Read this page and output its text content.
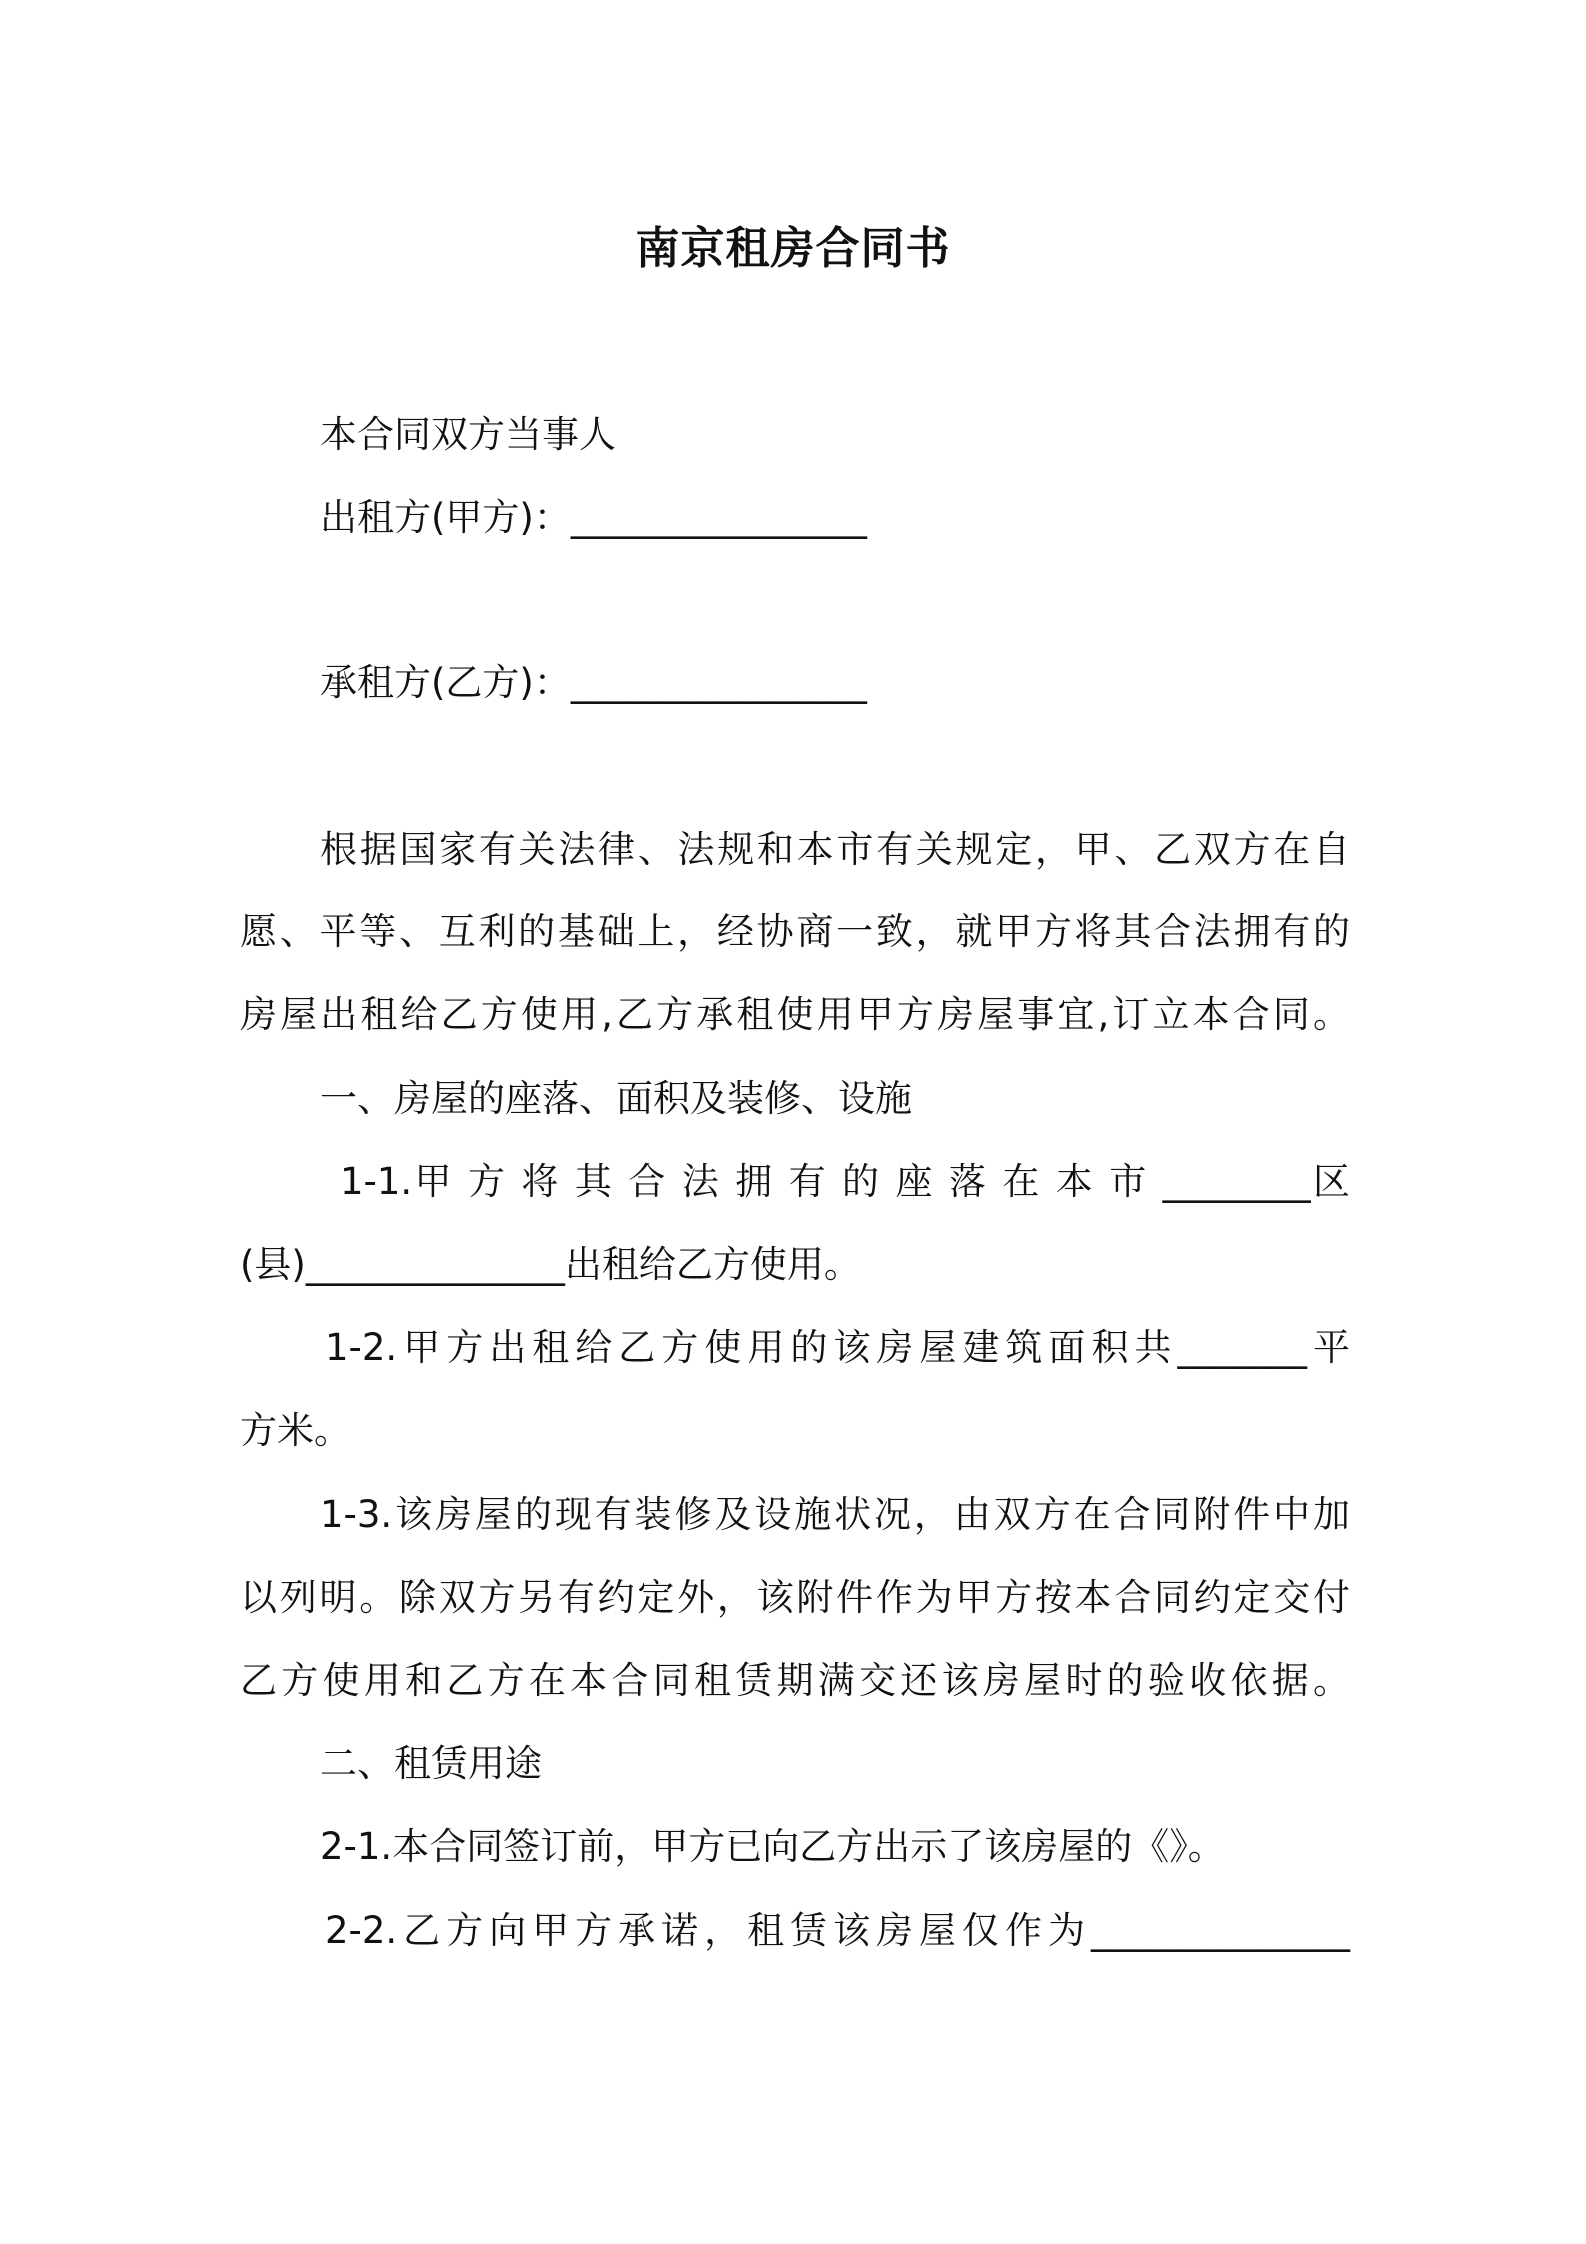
南京租房合同书
本合同双方当事人
出租方(甲方)：________________
承租方(乙方)：________________
根据国家有关法律、法规和本市有关规定，甲、乙双方在自
愿、平等、互利的基础上，经协商一致，就甲方将其合法拥有的
房屋出租给乙方使用,乙方承租使用甲方房屋事宜,订立本合同。
一、房屋的座落、面积及装修、设施
1-1.甲 方 将 其 合 法 拥 有 的 座 落 在 本 市 ________区
(县)______________出租给乙方使用。
1-2.甲方出租给乙方使用的该房屋建筑面积共_______平
方米。
1-3.该房屋的现有装修及设施状况，由双方在合同附件中加
以列明。除双方另有约定外，该附件作为甲方按本合同约定交付
乙方使用和乙方在本合同租赁期满交还该房屋时的验收依据。
二、租赁用途
2-1.本合同签订前，甲方已向乙方出示了该房屋的《》。
2-2.乙方向甲方承诺，租赁该房屋仅作为______________
